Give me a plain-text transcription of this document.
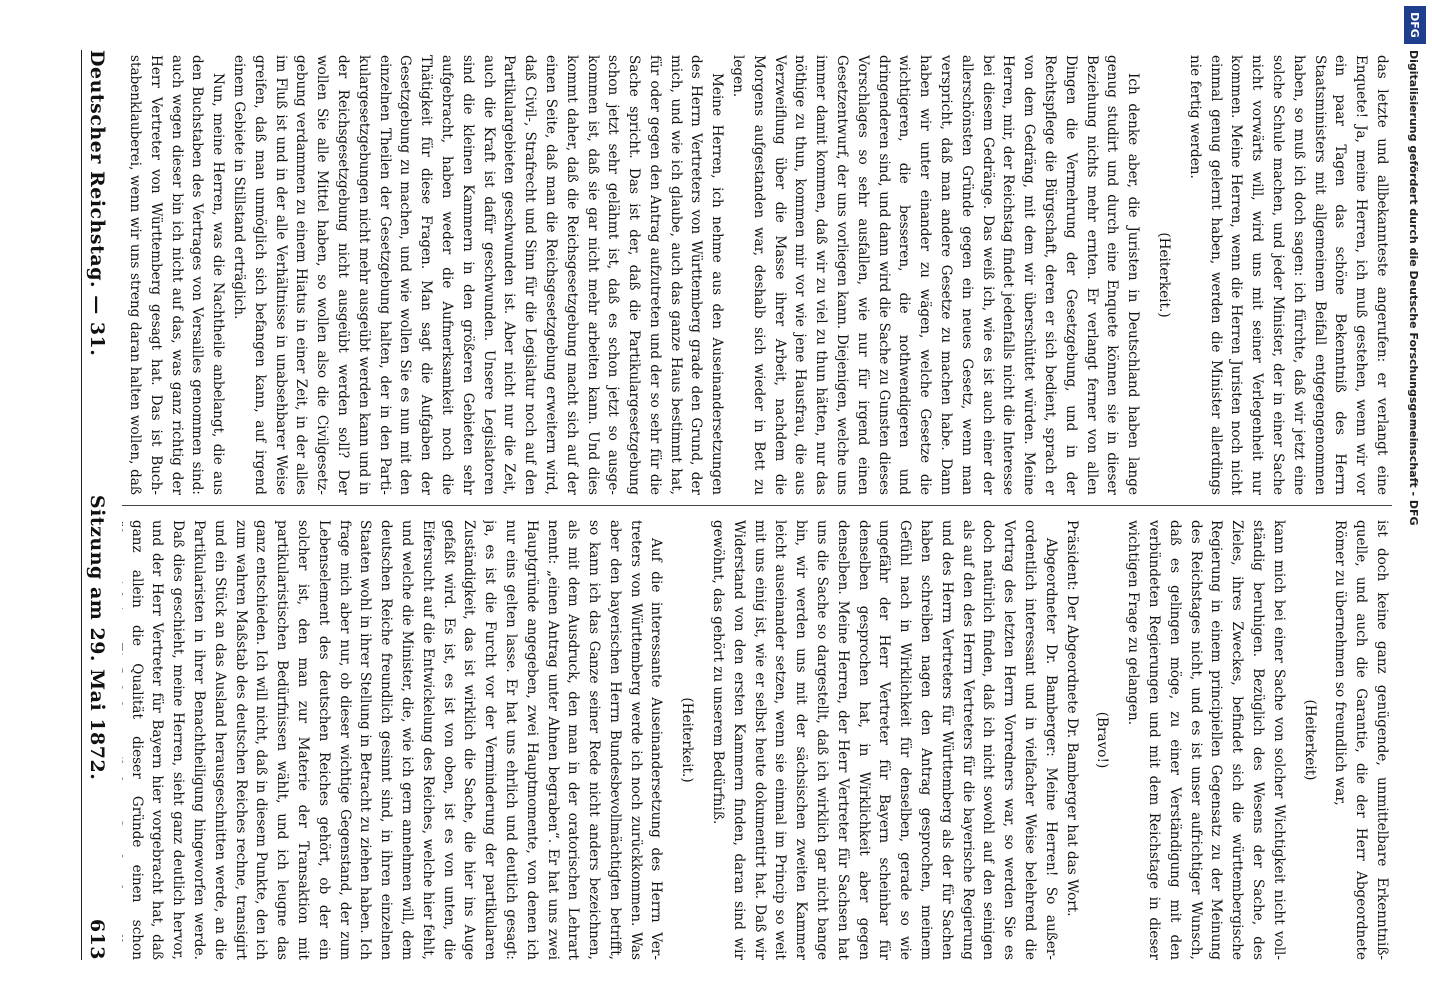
Deutscher Reichstag. — 31.
Sitzung am 29. Mai 1872.
613	ist doch keine ganz genügende, unmittelbare Erkenntnißquelle, und auch die Garantie, die der Herr Abgeordnete Römer zu übernehmen so freundlich war,

(Heiterkeit)

kann mich bei einer Sache von solcher Wichtigkeit nicht vollständig beruhigen. Bezüglich des Wesens der Sache, des Zieles, ihres Zweckes, befindet sich die württembergische Regierung in einem principiellen Gegensatz zu der Meinung des Reichstages nicht, und es ist unser aufrichtiger Wunsch, daß es gelingen möge, zu einer Verständigung mit den verbündeten Regierungen und mit dem Reichstage in dieser wichtigen Frage zu gelangen.

(Bravo!)

Präsident: Der Abgeordnete Dr. Bamberger hat das Wort.

Abgeordneter Dr. Bamberger: Meine Herren! So außerordentlich interessant und in vielfacher Weise belehrend die Vortrag des letzten Herrn Vorredners war, so werden Sie es doch natürlich finden, daß ich nicht sowohl auf den seinigen als auf den des Herrn Vertreters für die bayerische Regierung und des Herrn Vertreters für Württemberg als der für Sachen haben schreiben nagen den Antrag gesprochen, meinem Gefühl nach in Wirklichkeit für denselben, gerade so wie ungefähr der Herr Vertreter für Bayern scheinbar für denselben gesprochen hat, in Wirklichkeit aber gegen denselben. Meine Herren, der Herr Vertreter für Sachsen hat uns die Sache so dargestellt, daß ich wirklich gar nicht bange bin, wir werden uns mit der sächsischen zweiten Kammer leicht auseinander setzen, wenn sie einmal im Princip so weit mit uns einig ist, wie er selbst heute dokumentirt hat. Daß wir Widerstand von den ersten Kammern finden, daran sind wir gewöhnt, das gehört zu unserem Bedürfniß.

(Heiterkeit.)

Auf die interessante Auseinandersetzung des Herrn Vertreters von Württemberg werde ich noch zurückkommen. Was aber den bayerischen Herrn Bundesbevollmächtigten betrifft, so kann ich das Ganze seiner Rede nicht anders bezeichnen, als mit dem Ausdruck, den man in der oratorischen Lehrart nennt: „einen Antrag unter Ahnen begraben“. Er hat uns zwei Hauptgründe angegeben, zwei Hauptmomente, von denen ich nur eins gelten lasse. Er hat uns ehrlich und deutlich gesagt: ja, es ist die Furcht vor der Verminderung der partikularen Zuständigkeit, das ist wirklich die Sache, die hier ins Auge gefaßt wird. Es ist, es ist von oben, ist es von unten, die Eifersucht auf die Entwickelung des Reiches, welche hier fehlt, und welche die Minister, die, wie ich gern annehmen will, dem deutschen Reiche freundlich gesinnt sind, in ihren einzelnen Staaten wohl in ihrer Stellung in Betracht zu ziehen haben. Ich frage mich aber nur, ob dieser wichtige Gegenstand, der zum Lebenselement des deutschen Reiches gehört, ob der ein solcher ist, den man zur Materie der Transaktion mit partikularistischen Bedürfnissen wählt, und ich leugne das ganz entschieden. Ich will nicht, daß in diesem Punkte, den ich zum wahren Maßstab des deutschen Reiches rechne, transigirt und ein Stück an das Ausland herausgeschnitten werde, an die Partikularisten in ihrer Benachtheiligung hingeworfen werde. Daß dies geschieht, meine Herren, sieht ganz deutlich hervor, und der Herr Vertreter für Bayern hier vorgebracht hat, daß ganz allein die Qualität dieser Gründe einen schon

das letzte und allbekannteste angerufen: er verlangt eine Enquete! Ja, meine Herren, ich muß gestehen, wenn wir vor ein paar Tagen das schöne Bekenntniß des Herrn Staatsministers mit allgemeinem Beifall entgegengenommen haben, so muß ich doch sagen: ich fürchte, daß wir jetzt eine solche Schule machen, und jeder Minister, der in einer Sache nicht vorwärts will, wird uns mit seiner Verlegenheit nur kommen. Meine Herren, wenn die Herren Juristen noch nicht einmal genug gelernt haben, werden die Minister allerdings nie fertig werden.

(Heiterkeit.)

Ich denke aber, die Juristen in Deutschland haben lange genug studirt und durch eine Enquete können sie in dieser Beziehung nichts mehr ernten. Er verlangt ferner von allen Dingen die Vermehrung der Gesetzgebung, und in der Rechtspflege die Bürgschaft, deren er sich bedient, sprach er von dem Gedräng, mit dem wir überschüttet würden. Meine Herren, mir, der Reichstag findet jedenfalls nicht die Interesse bei diesem Gedränge. Das weiß ich, wie es ist auch einer der allerschönsten Gründe gegen ein neues Gesetz, wenn man verspricht, daß man andere Gesetze zu machen habe. Dann haben wir unter einander zu wägen, welche Gesetze die wichtigeren, die besseren, die nothwendigeren und dringenderen sind, und dann wird die Sache zu Gunsten dieses Vorschlages so sehr ausfallen, wie nur für irgend einen Gesetzentwurf, der uns vorliegen kann. Diejenigen, welche uns immer damit kommen, daß wir zu viel zu thun hätten, nur das nöthige zu thun, kommen mir vor wie jene Hausfrau, die aus Verzweiflung über die Masse ihrer Arbeit, nachdem die Morgens aufgestanden war, deshalb sich wieder in Bett zu legen.

Meine Herren, ich nehme aus den Auseinandersetzungen des Herrn Vertreters von Württemberg grade den Grund, der mich, und wie ich glaube, auch das ganze Haus bestimmt hat, für oder gegen den Antrag aufzutreten und der so sehr für die Sache spricht. Das ist der, daß die Partikulargesetzgebung schon jetzt sehr gelähmt ist, daß es schon jetzt so ausgekommen ist, daß sie gar nicht mehr arbeiten kann. Und dies kommt daher, daß die Reichsgesetzgebung macht sich auf der einen Seite, daß man die Reichsgesetzgebung erweitern wird, daß Civil-, Strafrecht und Sinn für die Legislatur noch auf den Partikulargebieten geschwunden ist. Aber nicht nur die Zeit, auch die Kraft ist dafür geschwunden. Unsere Legislatoren sind die kleinen Kammern in den größeren Gebieten sehr aufgebracht, haben weder die Aufmerksamkeit noch die Thätigkeit für diese Fragen. Man sagt die Aufgaben der Gesetzgebung zu machen, und wie wollen Sie es nun mit den einzelnen Theilen der Gesetzgebung halten, der in den Partikulargesetzgebungen nicht mehr ausgeübt werden kann und in der Reichsgesetzgebung nicht ausgeübt werden soll? Der wollen Sie alle Mittel haben, so wollen also die Civilgesetzgebung verdammen zu einem Hiatus in einer Zeit, in der alles im Fluß ist und in der alle Verhältnisse in unabsehbarer Weise greifen, daß man unmöglich sich befangen kann, auf irgend einem Gebiete in Stillstand erträglich.

Nun, meine Herren, was die Nachtheile anbelangt, die aus den Buchstaben des Vertrages von Versailles genommen sind: auch wegen dieser bin ich nicht auf das, was ganz richtig der Herr Vertreter von Württemberg gesagt hat. Das ist Buchstabenklauberei, wenn wir uns streng daran halten wollen, daß

DFG
Digitalisierung gefördert durch die Deutsche Forschungsgemeinschaft - DFG
